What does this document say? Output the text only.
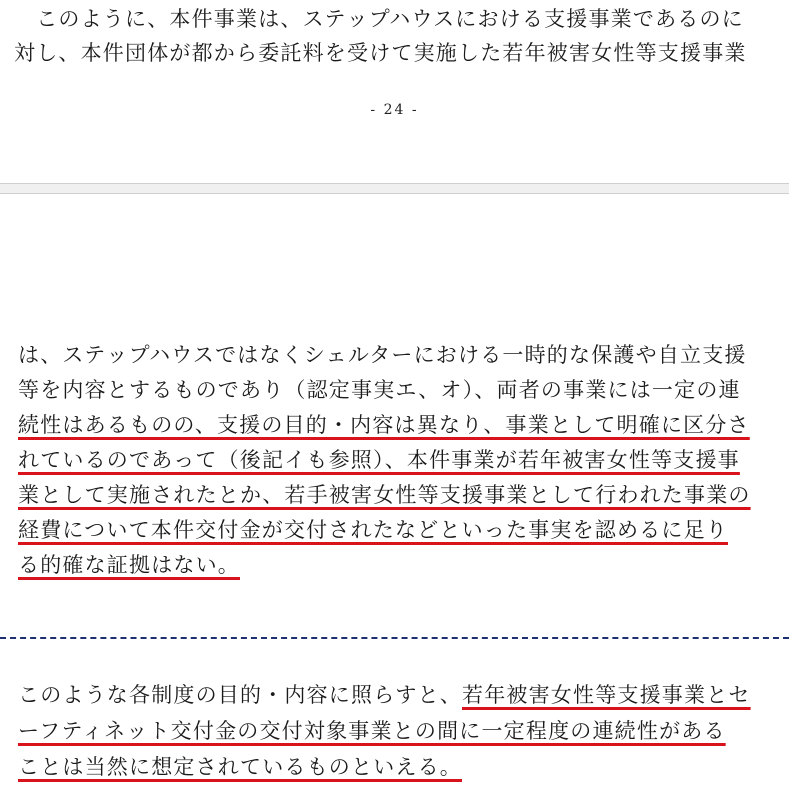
　このように、本件事業は、ステップハウスにおける支援事業であるのに
対し、本件団体が都から委託料を受けて実施した若年被害女性等支援事業
- 24 -
は、ステップハウスではなくシェルターにおける一時的な保護や自立支援
等を内容とするものであり（認定事実エ、オ）、両者の事業には一定の連
続性はあるものの、支援の目的・内容は異なり、事業として明確に区分さ
れているのであって（後記イも参照）、本件事業が若年被害女性等支援事
業として実施されたとか、若手被害女性等支援事業として行われた事業の
経費について本件交付金が交付されたなどといった事実を認めるに足り
る的確な証拠はない。
このような各制度の目的・内容に照らすと、若年被害女性等支援事業とセ
ーフティネット交付金の交付対象事業との間に一定程度の連続性がある
ことは当然に想定されているものといえる。
